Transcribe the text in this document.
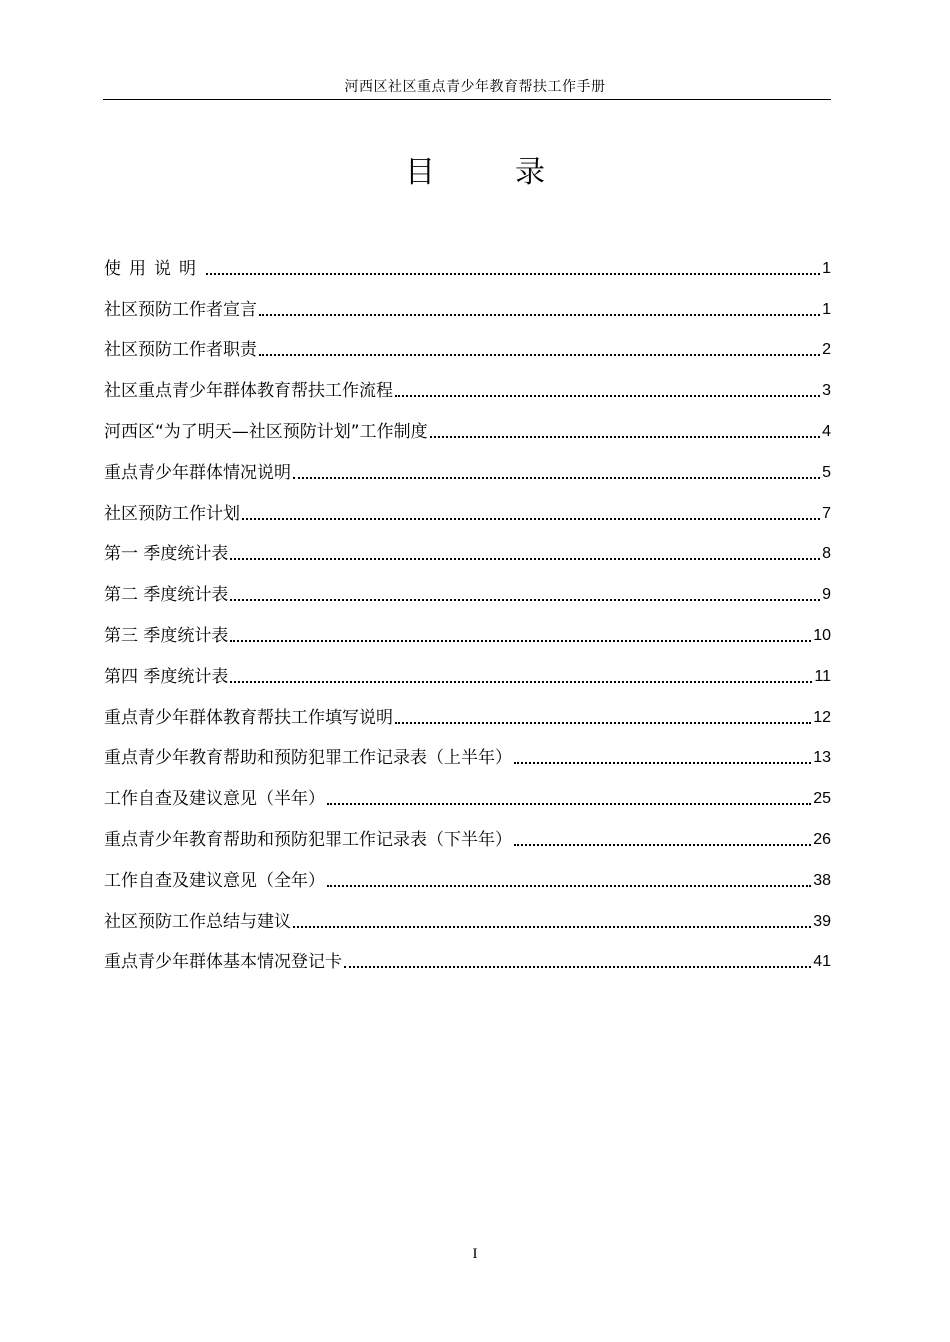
河西区社区重点青少年教育帮扶工作手册
目录
使用说明	1
社区预防工作者宣言	1
社区预防工作者职责	2
社区重点青少年群体教育帮扶工作流程	3
河西区“为了明天—社区预防计划”工作制度	4
重点青少年群体情况说明	5
社区预防工作计划	7
第一 季度统计表	8
第二 季度统计表	9
第三 季度统计表	10
第四 季度统计表	11
重点青少年群体教育帮扶工作填写说明	12
重点青少年教育帮助和预防犯罪工作记录表（上半年）	13
工作自查及建议意见（半年）	25
重点青少年教育帮助和预防犯罪工作记录表（下半年）	26
工作自查及建议意见（全年）	38
社区预防工作总结与建议	39
重点青少年群体基本情况登记卡	41
I
